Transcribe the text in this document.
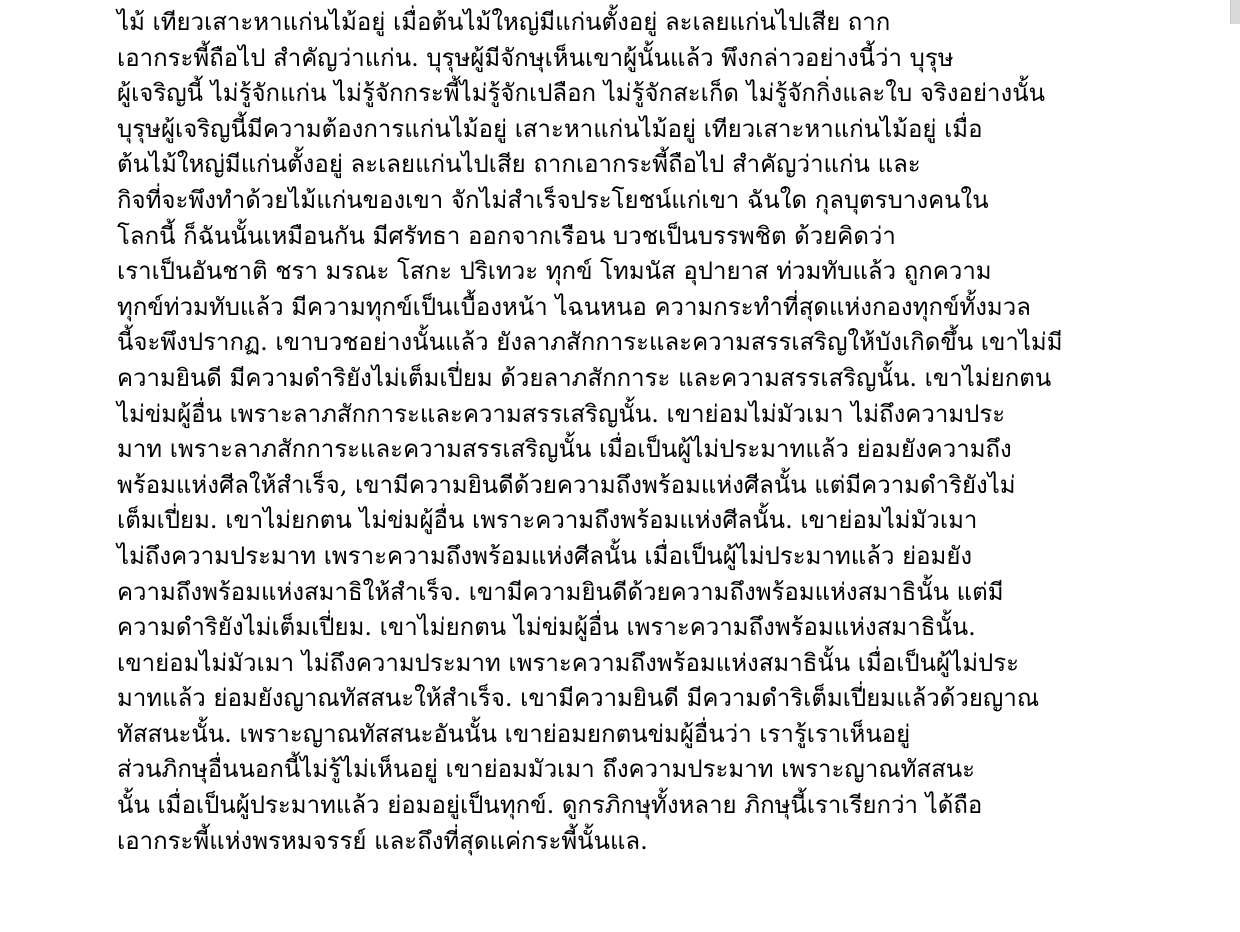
ไม้ เทียวเสาะหาแก่นไม้อยู่ เมื่อต้นไม้ใหญ่มีแก่นตั้งอยู่ ละเลยแก่นไปเสีย ถาก
เอากระพี้ถือไป สำคัญว่าแก่น. บุรุษผู้มีจักษุเห็นเขาผู้นั้นแล้ว พึงกล่าวอย่างนี้ว่า บุรุษ
ผู้เจริญนี้ ไม่รู้จักแก่น ไม่รู้จักกระพี้ไม่รู้จักเปลือก ไม่รู้จักสะเก็ด ไม่รู้จักกิ่งและใบ จริงอย่างนั้น
บุรุษผู้เจริญนี้มีความต้องการแก่นไม้อยู่ เสาะหาแก่นไม้อยู่ เทียวเสาะหาแก่นไม้อยู่ เมื่อ
ต้นไม้ใหญ่มีแก่นตั้งอยู่ ละเลยแก่นไปเสีย ถากเอากระพี้ถือไป สำคัญว่าแก่น และ
กิจที่จะพึงทำด้วยไม้แก่นของเขา จักไม่สำเร็จประโยชน์แก่เขา ฉันใด กุลบุตรบางคนใน
โลกนี้ ก็ฉันนั้นเหมือนกัน มีศรัทธา ออกจากเรือน บวชเป็นบรรพชิต ด้วยคิดว่า
เราเป็นอันชาติ ชรา มรณะ โสกะ ปริเทวะ ทุกข์ โทมนัส อุปายาส ท่วมทับแล้ว ถูกความ
ทุกข์ท่วมทับแล้ว มีความทุกข์เป็นเบื้องหน้า ไฉนหนอ ความกระทำที่สุดแห่งกองทุกข์ทั้งมวล
นี้จะพึงปรากฏ. เขาบวชอย่างนั้นแล้ว ยังลาภสักการะและความสรรเสริญให้บังเกิดขึ้น เขาไม่มี
ความยินดี มีความดำริยังไม่เต็มเปี่ยม ด้วยลาภสักการะ และความสรรเสริญนั้น. เขาไม่ยกตน
ไม่ข่มผู้อื่น เพราะลาภสักการะและความสรรเสริญนั้น. เขาย่อมไม่มัวเมา ไม่ถึงความประ
มาท เพราะลาภสักการะและความสรรเสริญนั้น เมื่อเป็นผู้ไม่ประมาทแล้ว ย่อมยังความถึง
พร้อมแห่งศีลให้สำเร็จ, เขามีความยินดีด้วยความถึงพร้อมแห่งศีลนั้น แต่มีความดำริยังไม่
เต็มเปี่ยม. เขาไม่ยกตน ไม่ข่มผู้อื่น เพราะความถึงพร้อมแห่งศีลนั้น. เขาย่อมไม่มัวเมา
ไม่ถึงความประมาท เพราะความถึงพร้อมแห่งศีลนั้น เมื่อเป็นผู้ไม่ประมาทแล้ว ย่อมยัง
ความถึงพร้อมแห่งสมาธิให้สำเร็จ. เขามีความยินดีด้วยความถึงพร้อมแห่งสมาธินั้น แต่มี
ความดำริยังไม่เต็มเปี่ยม. เขาไม่ยกตน ไม่ข่มผู้อื่น เพราะความถึงพร้อมแห่งสมาธินั้น.
เขาย่อมไม่มัวเมา ไม่ถึงความประมาท เพราะความถึงพร้อมแห่งสมาธินั้น เมื่อเป็นผู้ไม่ประ
มาทแล้ว ย่อมยังญาณทัสสนะให้สำเร็จ. เขามีความยินดี มีความดำริเต็มเปี่ยมแล้วด้วยญาณ
ทัสสนะนั้น. เพราะญาณทัสสนะอันนั้น เขาย่อมยกตนข่มผู้อื่นว่า เรารู้เราเห็นอยู่
ส่วนภิกษุอื่นนอกนี้ไม่รู้ไม่เห็นอยู่ เขาย่อมมัวเมา ถึงความประมาท เพราะญาณทัสสนะ
นั้น เมื่อเป็นผู้ประมาทแล้ว ย่อมอยู่เป็นทุกข์. ดูกรภิกษุทั้งหลาย ภิกษุนี้เราเรียกว่า ได้ถือ
เอากระพี้แห่งพรหมจรรย์ และถึงที่สุดแค่กระพี้นั้นแล.
